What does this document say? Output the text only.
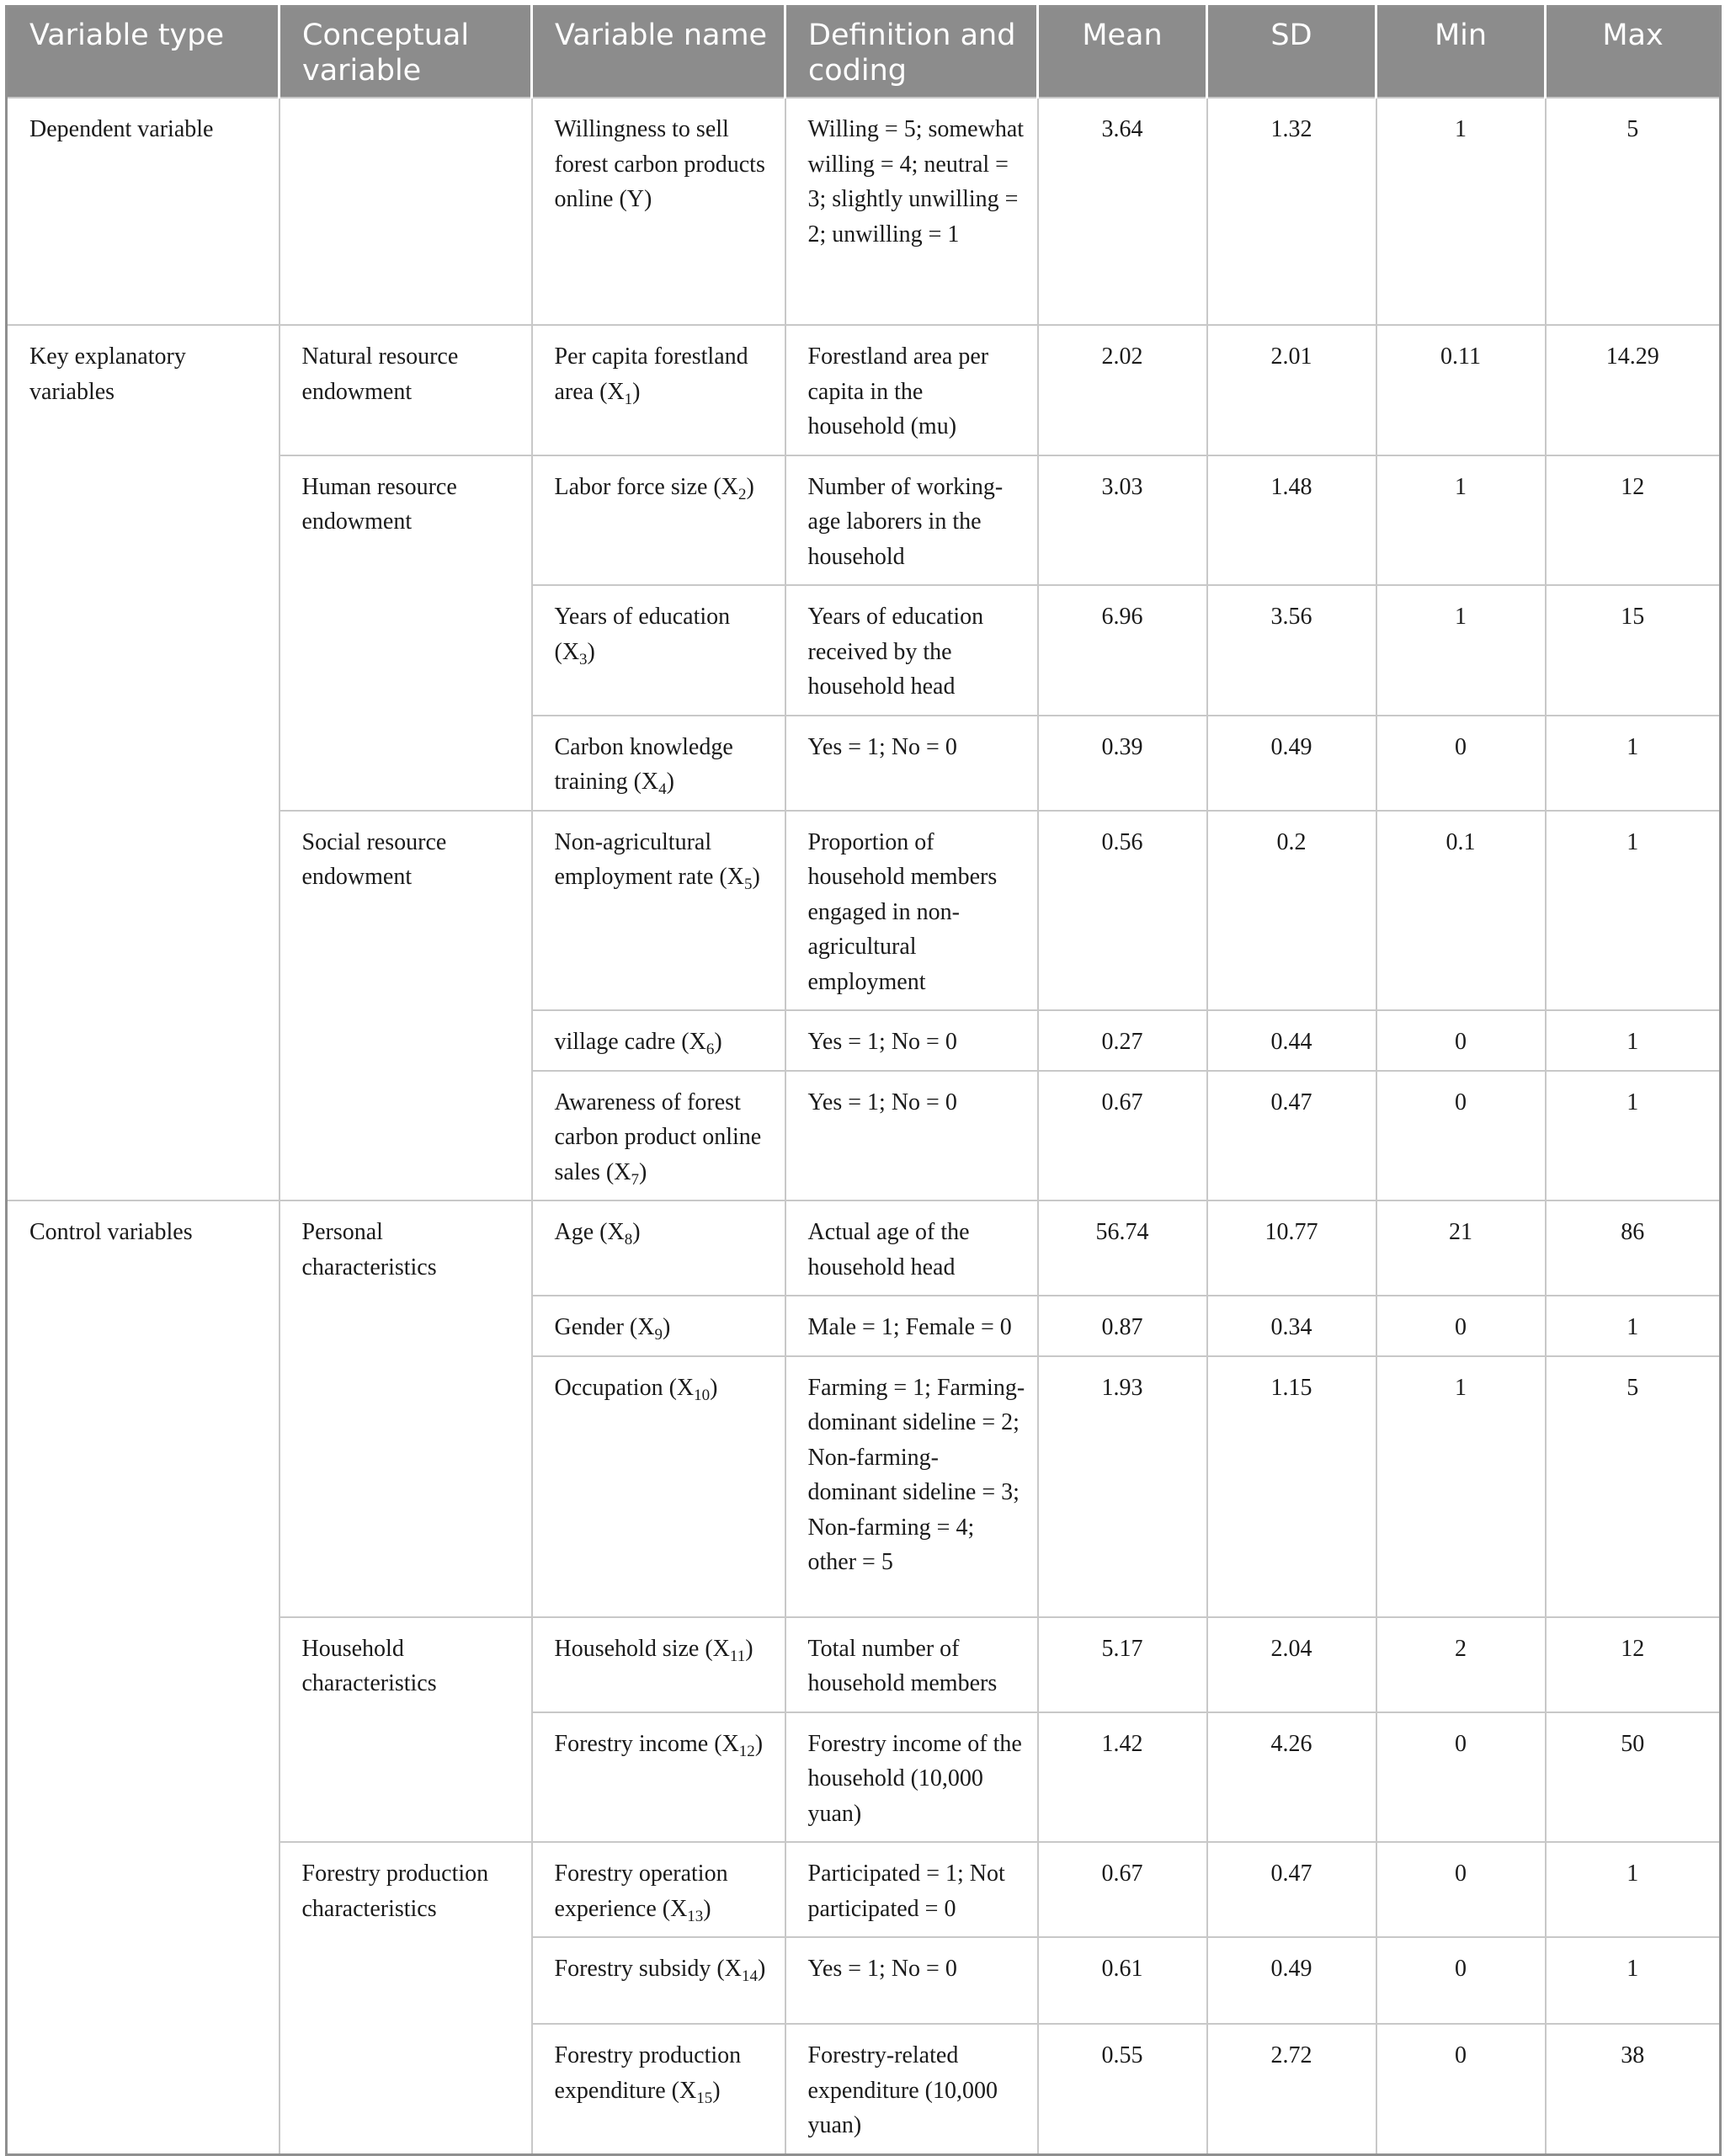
Variable type	Conceptual variable	Variable name	Definition and coding	Mean	SD	Min	Max
Dependent variable		Willingness to sell forest carbon products online (Y)	Willing = 5; somewhat willing = 4; neutral = 3; slightly unwilling = 2; unwilling = 1	3.64	1.32	1	5
Key explanatory variables	Natural resource endowment	Per capita forestland area $(X_1)$	Forestland area per capita in the household (mu)	2.02	2.01	0.11	14.29
	Human resource endowment	Labor force size $(X_2)$	Number of working-age laborers in the household	3.03	1.48	1	12
		Years of education $(X_3)$	Years of education received by the household head	6.96	3.56	1	15
		Carbon knowledge training $(X_4)$	Yes = 1; No = 0	0.39	0.49	0	1
	Social resource endowment	Non-agricultural employment rate $(X_5)$	Proportion of household members engaged in non-agricultural employment	0.56	0.2	0.1	1
		village cadre $(X_6)$	Yes = 1; No = 0	0.27	0.44	0	1
		Awareness of forest carbon product online sales $(X_7)$	Yes = 1; No = 0	0.67	0.47	0	1
Control variables	Personal characteristics	Age $(X_8)$	Actual age of the household head	56.74	10.77	21	86
		Gender $(X_9)$	Male = 1; Female = 0	0.87	0.34	0	1
		Occupation $(X_{10})$	Farming = 1; Farming-dominant sideline = 2; Non-farming-dominant sideline = 3; Non-farming = 4; other = 5	1.93	1.15	1	5
	Household characteristics	Household size $(X_{11})$	Total number of household members	5.17	2.04	2	12
		Forestry income $(X_{12})$	Forestry income of the household (10,000 yuan)	1.42	4.26	0	50
	Forestry production characteristics	Forestry operation experience $(X_{13})$	Participated = 1; Not participated = 0	0.67	0.47	0	1
		Forestry subsidy $(X_{14})$	Yes = 1; No = 0	0.61	0.49	0	1
		Forestry production expenditure $(X_{15})$	Forestry-related expenditure (10,000 yuan)	0.55	2.72	0	38
